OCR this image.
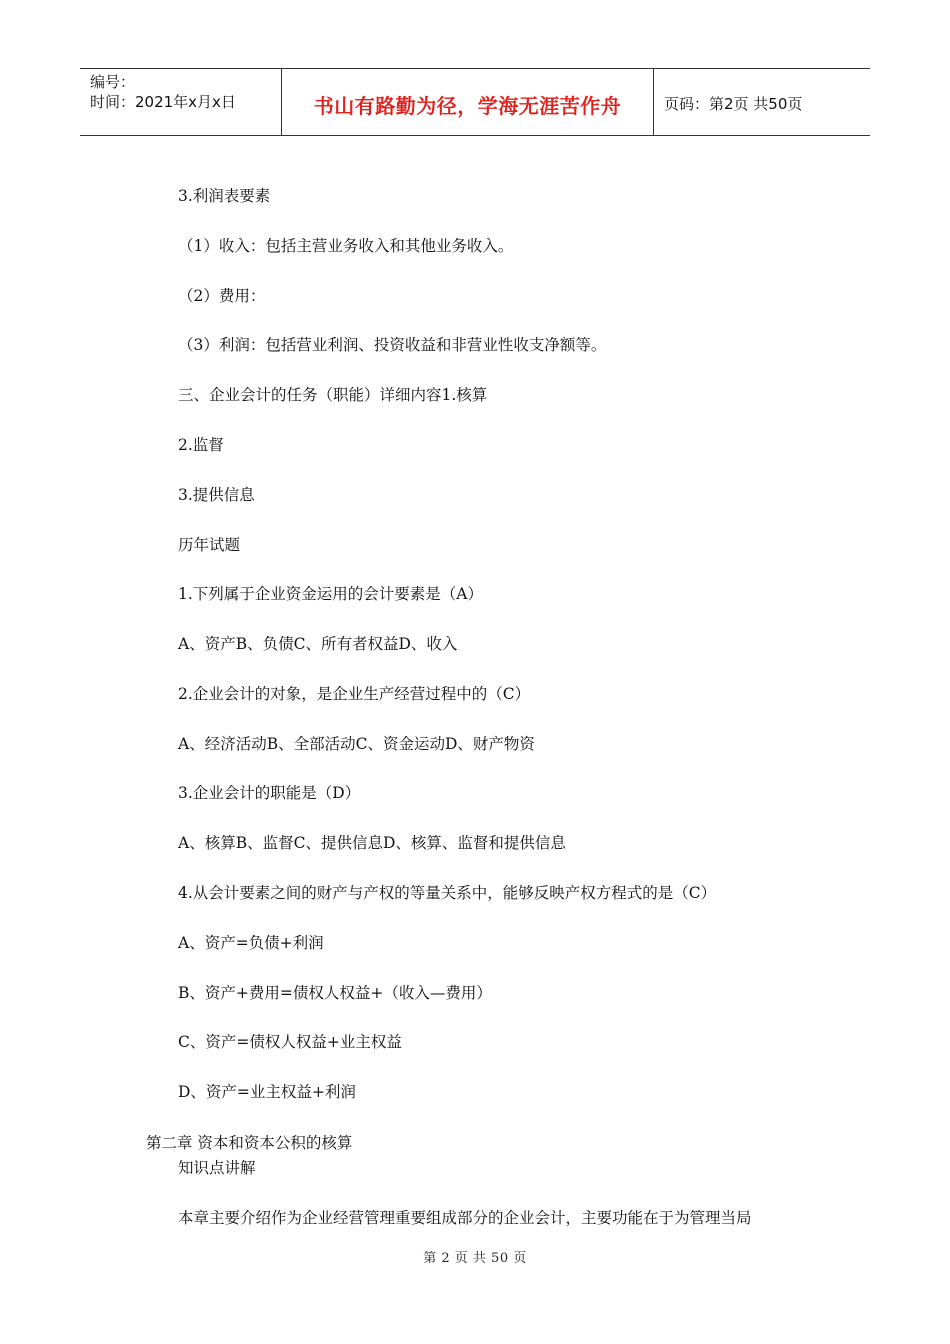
编号：
时间：2021年x月x日	书山有路勤为径，学海无涯苦作舟	页码：第2页 共50页
3.利润表要素
（1）收入：包括主营业务收入和其他业务收入。
（2）费用：
（3）利润：包括营业利润、投资收益和非营业性收支净额等。
三、企业会计的任务（职能）详细内容1.核算
2.监督
3.提供信息
历年试题
1.下列属于企业资金运用的会计要素是（A）
A、资产B、负债C、所有者权益D、收入
2.企业会计的对象，是企业生产经营过程中的（C）
A、经济活动B、全部活动C、资金运动D、财产物资
3.企业会计的职能是（D）
A、核算B、监督C、提供信息D、核算、监督和提供信息
4.从会计要素之间的财产与产权的等量关系中，能够反映产权方程式的是（C）
A、资产=负债+利润
B、资产+费用=债权人权益+（收入—费用）
C、资产=债权人权益+业主权益
D、资产=业主权益+利润
第二章 资本和资本公积的核算
知识点讲解
本章主要介绍作为企业经营管理重要组成部分的企业会计，主要功能在于为管理当局
第 2 页 共 50 页
